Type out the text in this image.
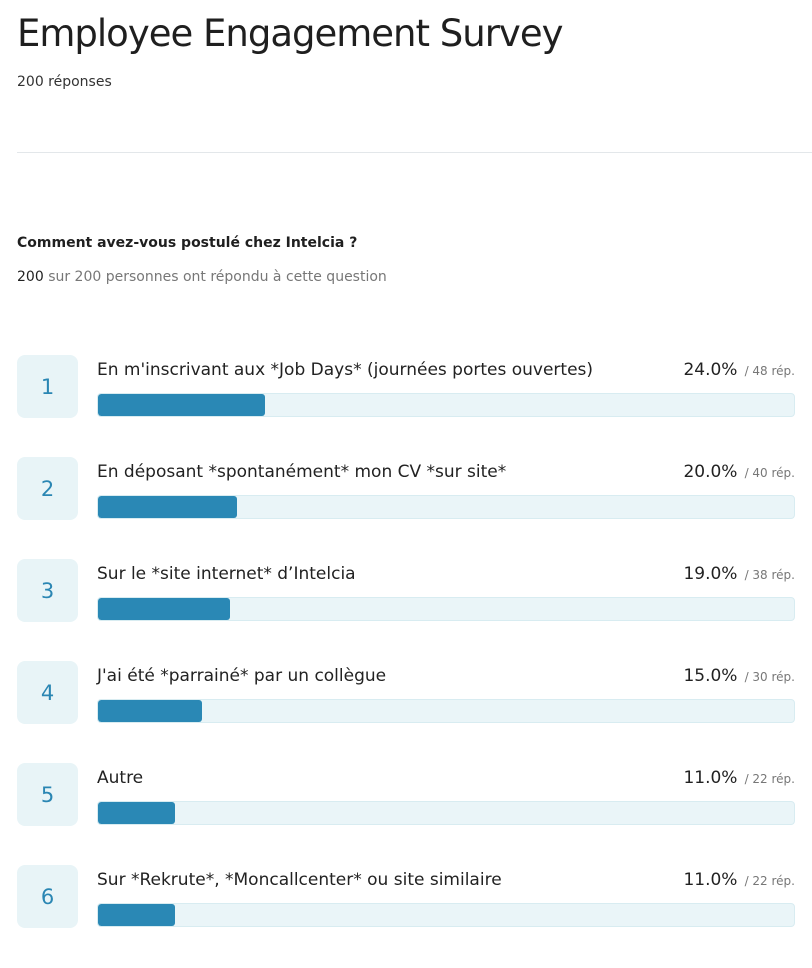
Employee Engagement Survey
200 réponses
Comment avez-vous postulé chez Intelcia ?
200 sur 200 personnes ont répondu à cette question
1
En m'inscrivant aux *Job Days* (journées portes ouvertes)	24.0% / 48 rép.
2
En déposant *spontanément* mon CV *sur site*	20.0% / 40 rép.
3
Sur le *site internet* d’Intelcia	19.0% / 38 rép.
4
J'ai été *parrainé* par un collègue	15.0% / 30 rép.
5
Autre	11.0% / 22 rép.
6
Sur *Rekrute*, *Moncallcenter* ou site similaire	11.0% / 22 rép.
